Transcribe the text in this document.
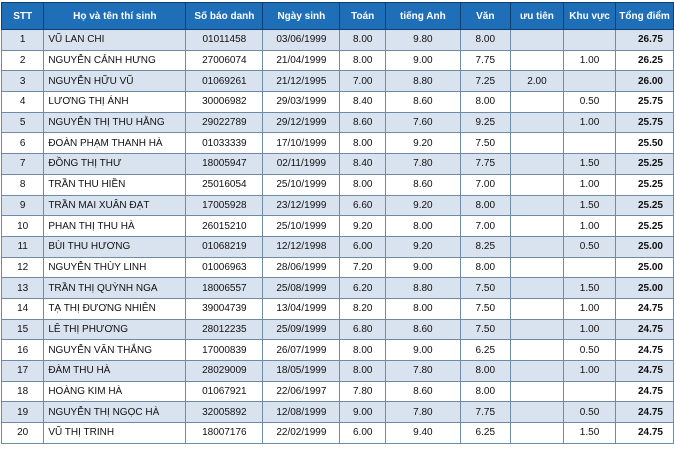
STT	Họ và tên thí sinh	Số báo danh	Ngày sinh	Toán	tiếng Anh	Văn	ưu tiên	Khu vực	Tổng điểm
1	VŨ LAN CHI	01011458	03/06/1999	8.00	9.80	8.00			26.75
2	NGUYỄN CẢNH HƯNG	27006074	21/04/1999	8.00	9.00	7.75		1.00	26.25
3	NGUYỄN HỮU VŨ	01069261	21/12/1995	7.00	8.80	7.25	2.00		26.00
4	LƯƠNG THỊ ÁNH	30006982	29/03/1999	8.40	8.60	8.00		0.50	25.75
5	NGUYỄN THỊ THU HẰNG	29022789	29/12/1999	8.60	7.60	9.25		1.00	25.75
6	ĐOÀN PHẠM THANH HÀ	01033339	17/10/1999	8.00	9.20	7.50			25.50
7	ĐỒNG THỊ THƯ	18005947	02/11/1999	8.40	7.80	7.75		1.50	25.25
8	TRẦN THU HIỀN	25016054	25/10/1999	8.00	8.60	7.00		1.00	25.25
9	TRẦN MAI XUÂN ĐẠT	17005928	23/12/1999	6.60	9.20	8.00		1.50	25.25
10	PHAN THỊ THU HÀ	26015210	25/10/1999	9.20	8.00	7.00		1.00	25.25
11	BÙI THU HƯƠNG	01068219	12/12/1998	6.00	9.20	8.25		0.50	25.00
12	NGUYỄN THÙY LINH	01006963	28/06/1999	7.20	9.00	8.00			25.00
13	TRẦN THỊ QUỲNH NGA	18006557	25/08/1999	6.20	8.80	7.50		1.50	25.00
14	TẠ THỊ ĐƯƠNG NHIÊN	39004739	13/04/1999	8.20	8.00	7.50		1.00	24.75
15	LÊ THỊ PHƯƠNG	28012235	25/09/1999	6.80	8.60	7.50		1.00	24.75
16	NGUYỄN VĂN THẮNG	17000839	26/07/1999	8.00	9.00	6.25		0.50	24.75
17	ĐÀM THU HÀ	28029009	18/05/1999	8.00	7.80	8.00		1.00	24.75
18	HOÀNG KIM HÀ	01067921	22/06/1997	7.80	8.60	8.00			24.75
19	NGUYỄN THỊ NGỌC HÀ	32005892	12/08/1999	9.00	7.80	7.75		0.50	24.75
20	VŨ THỊ TRINH	18007176	22/02/1999	6.00	9.40	6.25		1.50	24.75
